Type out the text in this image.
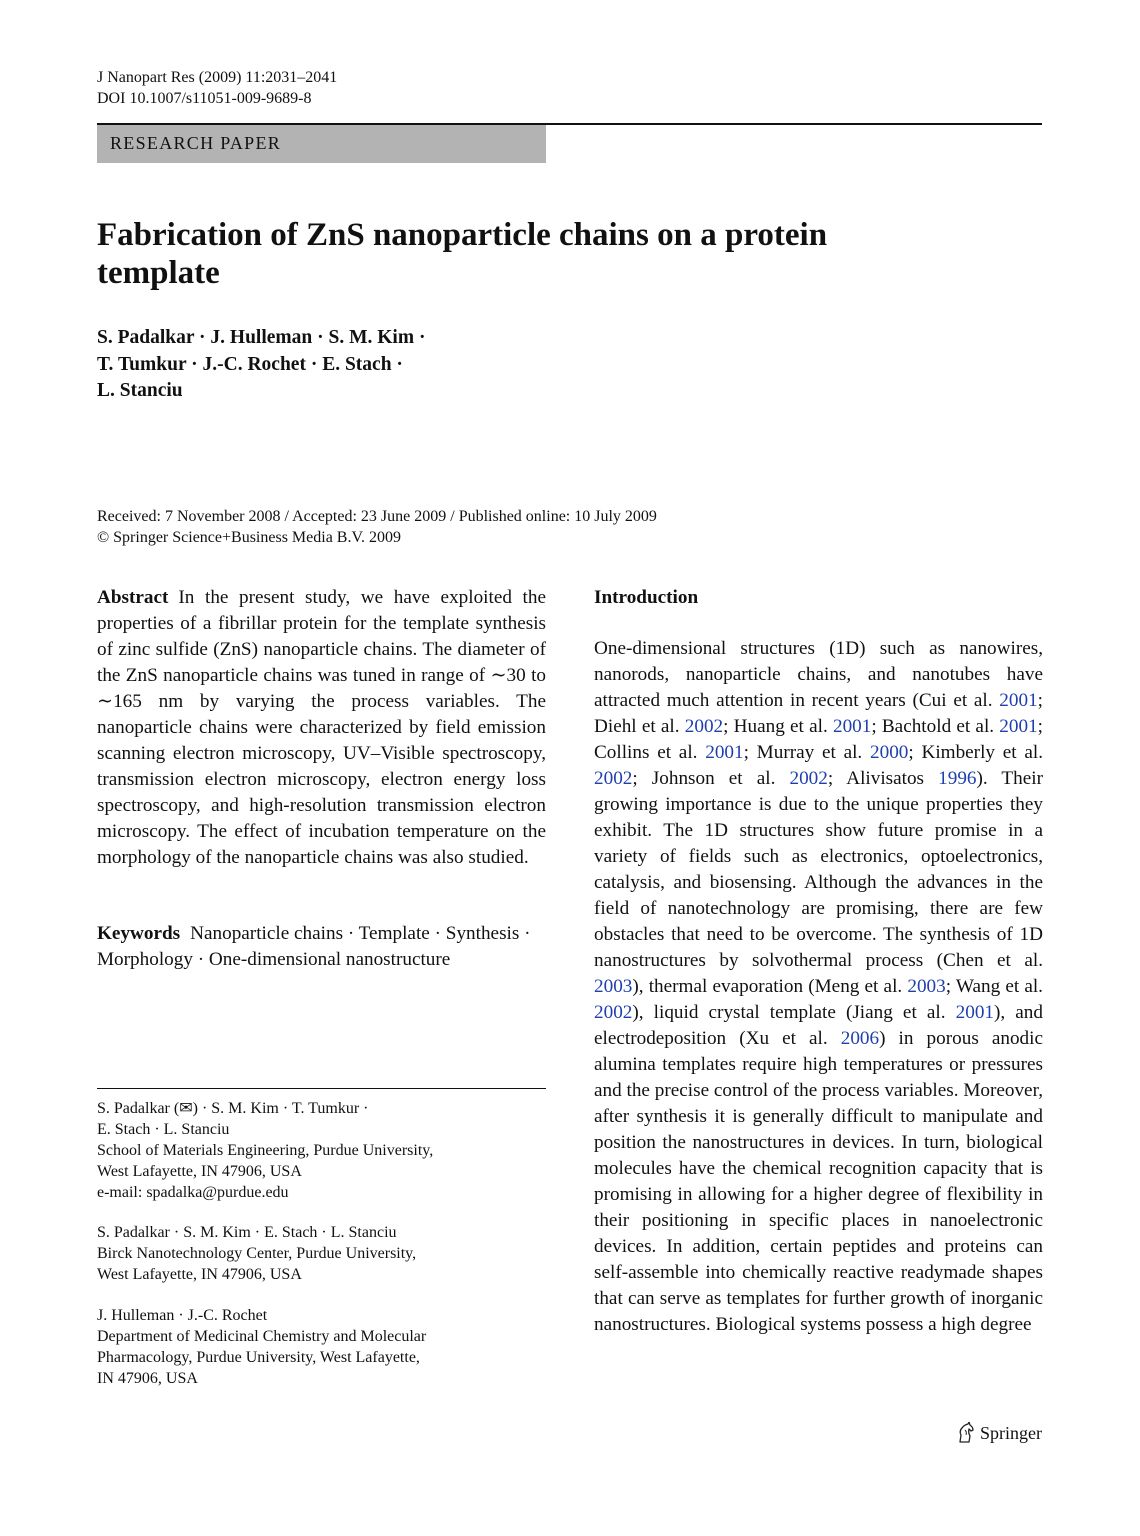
J Nanopart Res (2009) 11:2031–2041
DOI 10.1007/s11051-009-9689-8
RESEARCH PAPER
Fabrication of ZnS nanoparticle chains on a protein template
S. Padalkar · J. Hulleman · S. M. Kim ·
T. Tumkur · J.-C. Rochet · E. Stach ·
L. Stanciu
Received: 7 November 2008 / Accepted: 23 June 2009 / Published online: 10 July 2009
© Springer Science+Business Media B.V. 2009
Abstract In the present study, we have exploited the properties of a fibrillar protein for the template synthesis of zinc sulfide (ZnS) nanoparticle chains. The diameter of the ZnS nanoparticle chains was tuned in range of ∼30 to ∼165 nm by varying the process variables. The nanoparticle chains were characterized by field emission scanning electron microscopy, UV–Visible spectroscopy, transmission electron microscopy, electron energy loss spectroscopy, and high-resolution transmission electron microscopy. The effect of incubation temperature on the morphology of the nanoparticle chains was also studied.
Keywords Nanoparticle chains · Template · Synthesis · Morphology · One-dimensional nanostructure
S. Padalkar (✉) · S. M. Kim · T. Tumkur ·
E. Stach · L. Stanciu
School of Materials Engineering, Purdue University,
West Lafayette, IN 47906, USA
e-mail: spadalka@purdue.edu
S. Padalkar · S. M. Kim · E. Stach · L. Stanciu
Birck Nanotechnology Center, Purdue University,
West Lafayette, IN 47906, USA
J. Hulleman · J.-C. Rochet
Department of Medicinal Chemistry and Molecular
Pharmacology, Purdue University, West Lafayette,
IN 47906, USA
Introduction

One-dimensional structures (1D) such as nanowires, nanorods, nanoparticle chains, and nanotubes have attracted much attention in recent years (Cui et al. 2001; Diehl et al. 2002; Huang et al. 2001; Bachtold et al. 2001; Collins et al. 2001; Murray et al. 2000; Kimberly et al. 2002; Johnson et al. 2002; Alivisatos 1996). Their growing importance is due to the unique properties they exhibit. The 1D structures show future promise in a variety of fields such as electronics, optoelectronics, catalysis, and biosensing. Although the advances in the field of nanotechnology are promising, there are few obstacles that need to be overcome. The synthesis of 1D nanostructures by solvothermal process (Chen et al. 2003), thermal evaporation (Meng et al. 2003; Wang et al. 2002), liquid crystal template (Jiang et al. 2001), and electrodeposition (Xu et al. 2006) in porous anodic alumina templates require high temperatures or pressures and the precise control of the process variables. Moreover, after synthesis it is generally difficult to manipulate and position the nanostructures in devices. In turn, biological molecules have the chemical recognition capacity that is promising in allowing for a higher degree of flexibility in their positioning in specific places in nanoelectronic devices. In addition, certain peptides and proteins can self-assemble into chemically reactive readymade shapes that can serve as templates for further growth of inorganic nanostructures. Biological systems possess a high degree

Springer
